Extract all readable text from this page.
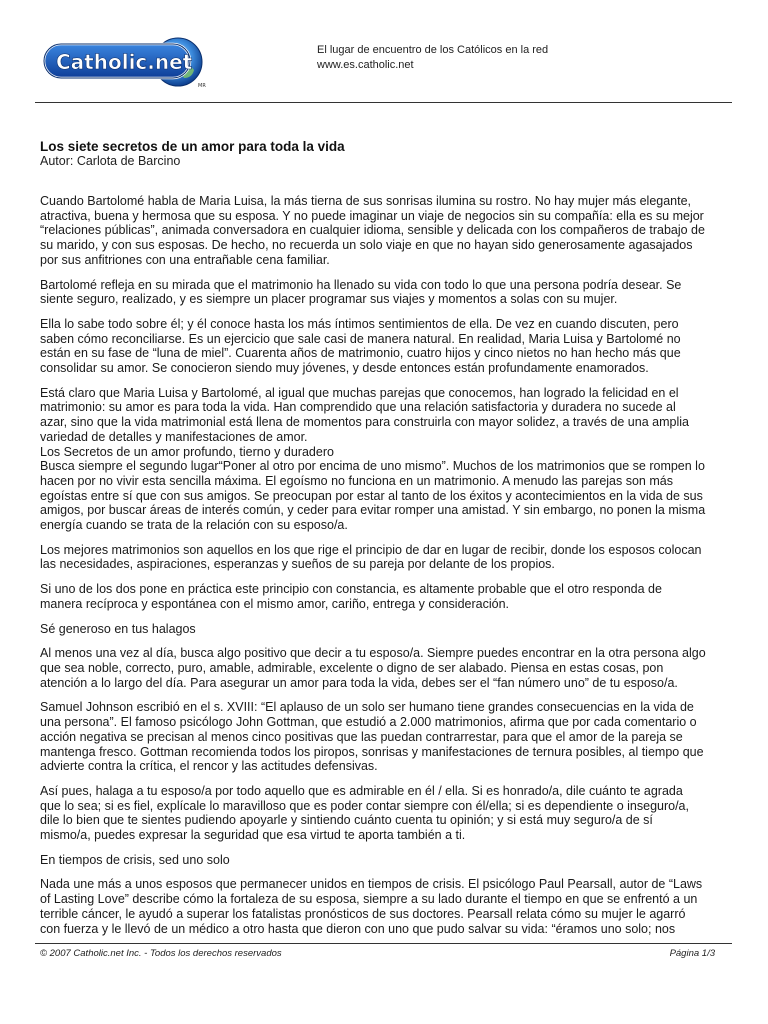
Catholic.net
MR
El lugar de encuentro de los Católicos en la red
www.es.catholic.net
Los siete secretos de un amor para toda la vida
Autor: Carlota de Barcino

Cuando Bartolomé habla de Maria Luisa, la más tierna de sus sonrisas ilumina su rostro. No hay mujer más elegante,
atractiva, buena y hermosa que su esposa. Y no puede imaginar un viaje de negocios sin su compañía: ella es su mejor
“relaciones públicas”, animada conversadora en cualquier idioma, sensible y delicada con los compañeros de trabajo de
su marido, y con sus esposas. De hecho, no recuerda un solo viaje en que no hayan sido generosamente agasajados
por sus anfitriones con una entrañable cena familiar.

Bartolomé refleja en su mirada que el matrimonio ha llenado su vida con todo lo que una persona podría desear. Se
siente seguro, realizado, y es siempre un placer programar sus viajes y momentos a solas con su mujer.

Ella lo sabe todo sobre él; y él conoce hasta los más íntimos sentimientos de ella. De vez en cuando discuten, pero
saben cómo reconciliarse. Es un ejercicio que sale casi de manera natural. En realidad, Maria Luisa y Bartolomé no
están en su fase de “luna de miel”. Cuarenta años de matrimonio, cuatro hijos y cinco nietos no han hecho más que
consolidar su amor. Se conocieron siendo muy jóvenes, y desde entonces están profundamente enamorados.

Está claro que Maria Luisa y Bartolomé, al igual que muchas parejas que conocemos, han logrado la felicidad en el
matrimonio: su amor es para toda la vida. Han comprendido que una relación satisfactoria y duradera no sucede al
azar, sino que la vida matrimonial está llena de momentos para construirla con mayor solidez, a través de una amplia
variedad de detalles y manifestaciones de amor.

Los Secretos de un amor profundo, tierno y duradero

Busca siempre el segundo lugar“Poner al otro por encima de uno mismo”. Muchos de los matrimonios que se rompen lo
hacen por no vivir esta sencilla máxima. El egoísmo no funciona en un matrimonio. A menudo las parejas son más
egoístas entre sí que con sus amigos. Se preocupan por estar al tanto de los éxitos y acontecimientos en la vida de sus
amigos, por buscar áreas de interés común, y ceder para evitar romper una amistad. Y sin embargo, no ponen la misma
energía cuando se trata de la relación con su esposo/a.

Los mejores matrimonios son aquellos en los que rige el principio de dar en lugar de recibir, donde los esposos colocan
las necesidades, aspiraciones, esperanzas y sueños de su pareja por delante de los propios.

Si uno de los dos pone en práctica este principio con constancia, es altamente probable que el otro responda de
manera recíproca y espontánea con el mismo amor, cariño, entrega y consideración.

Sé generoso en tus halagos

Al menos una vez al día, busca algo positivo que decir a tu esposo/a. Siempre puedes encontrar en la otra persona algo
que sea noble, correcto, puro, amable, admirable, excelente o digno de ser alabado. Piensa en estas cosas, pon
atención a lo largo del día. Para asegurar un amor para toda la vida, debes ser el “fan número uno” de tu esposo/a.

Samuel Johnson escribió en el s. XVIII: “El aplauso de un solo ser humano tiene grandes consecuencias en la vida de
una persona”. El famoso psicólogo John Gottman, que estudió a 2.000 matrimonios, afirma que por cada comentario o
acción negativa se precisan al menos cinco positivas que las puedan contrarrestar, para que el amor de la pareja se
mantenga fresco. Gottman recomienda todos los piropos, sonrisas y manifestaciones de ternura posibles, al tiempo que
advierte contra la crítica, el rencor y las actitudes defensivas.

Así pues, halaga a tu esposo/a por todo aquello que es admirable en él / ella. Si es honrado/a, dile cuánto te agrada
que lo sea; si es fiel, explícale lo maravilloso que es poder contar siempre con él/ella; si es dependiente o inseguro/a,
dile lo bien que te sientes pudiendo apoyarle y sintiendo cuánto cuenta tu opinión; y si está muy seguro/a de sí
mismo/a, puedes expresar la seguridad que esa virtud te aporta también a ti.

En tiempos de crisis, sed uno solo

Nada une más a unos esposos que permanecer unidos en tiempos de crisis. El psicólogo Paul Pearsall, autor de “Laws
of Lasting Love” describe cómo la fortaleza de su esposa, siempre a su lado durante el tiempo en que se enfrentó a un
terrible cáncer, le ayudó a superar los fatalistas pronósticos de sus doctores. Pearsall relata cómo su mujer le agarró
con fuerza y le llevó de un médico a otro hasta que dieron con uno que pudo salvar su vida: “éramos uno solo; nos

© 2007 Catholic.net Inc. - Todos los derechos reservados	Página 1/3
